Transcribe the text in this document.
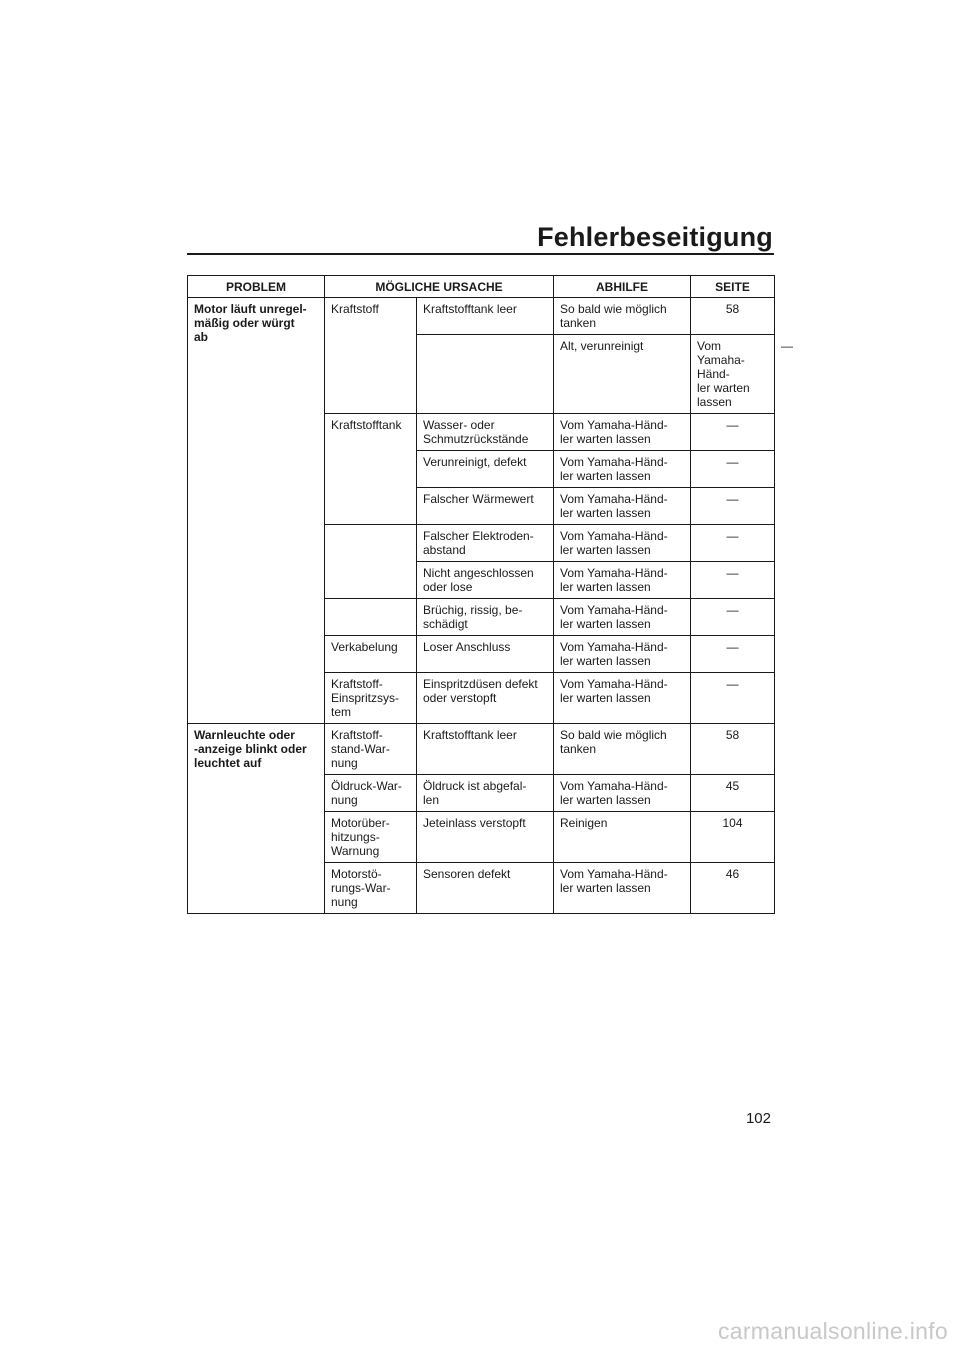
Fehlerbeseitigung
PROBLEM	MÖGLICHE URSACHE		ABHILFE	SEITE	
Motor läuft unregel-
mäßig oder würgt
ab	Kraftstoff	Kraftstofftank leer	So bald wie möglich
tanken	58	
			Alt, verunreinigt	Vom Yamaha-Händ-
ler warten lassen	—
	Kraftstofftank	Wasser- oder
Schmutzrückstände	Vom Yamaha-Händ-
ler warten lassen	—	
		Verunreinigt, defekt	Vom Yamaha-Händ-
ler warten lassen	—	
		Falscher Wärmewert	Vom Yamaha-Händ-
ler warten lassen	—	
		Falscher Elektroden-
abstand	Vom Yamaha-Händ-
ler warten lassen	—	
		Nicht angeschlossen
oder lose	Vom Yamaha-Händ-
ler warten lassen	—	
		Brüchig, rissig, be-
schädigt	Vom Yamaha-Händ-
ler warten lassen	—	
	Verkabelung	Loser Anschluss	Vom Yamaha-Händ-
ler warten lassen	—	
	Kraftstoff-
Einspritzsys-
tem	Einspritzdüsen defekt
oder verstopft	Vom Yamaha-Händ-
ler warten lassen	—	
Warnleuchte oder
-anzeige blinkt oder
leuchtet auf	Kraftstoff-
stand-War-
nung	Kraftstofftank leer	So bald wie möglich
tanken	58	
	Öldruck-War-
nung	Öldruck ist abgefal-
len	Vom Yamaha-Händ-
ler warten lassen	45	
	Motorüber-
hitzungs-
Warnung	Jeteinlass verstopft	Reinigen	104	
	Motorstö-
rungs-War-
nung	Sensoren defekt	Vom Yamaha-Händ-
ler warten lassen	46	
102
carmanualsonline.info
